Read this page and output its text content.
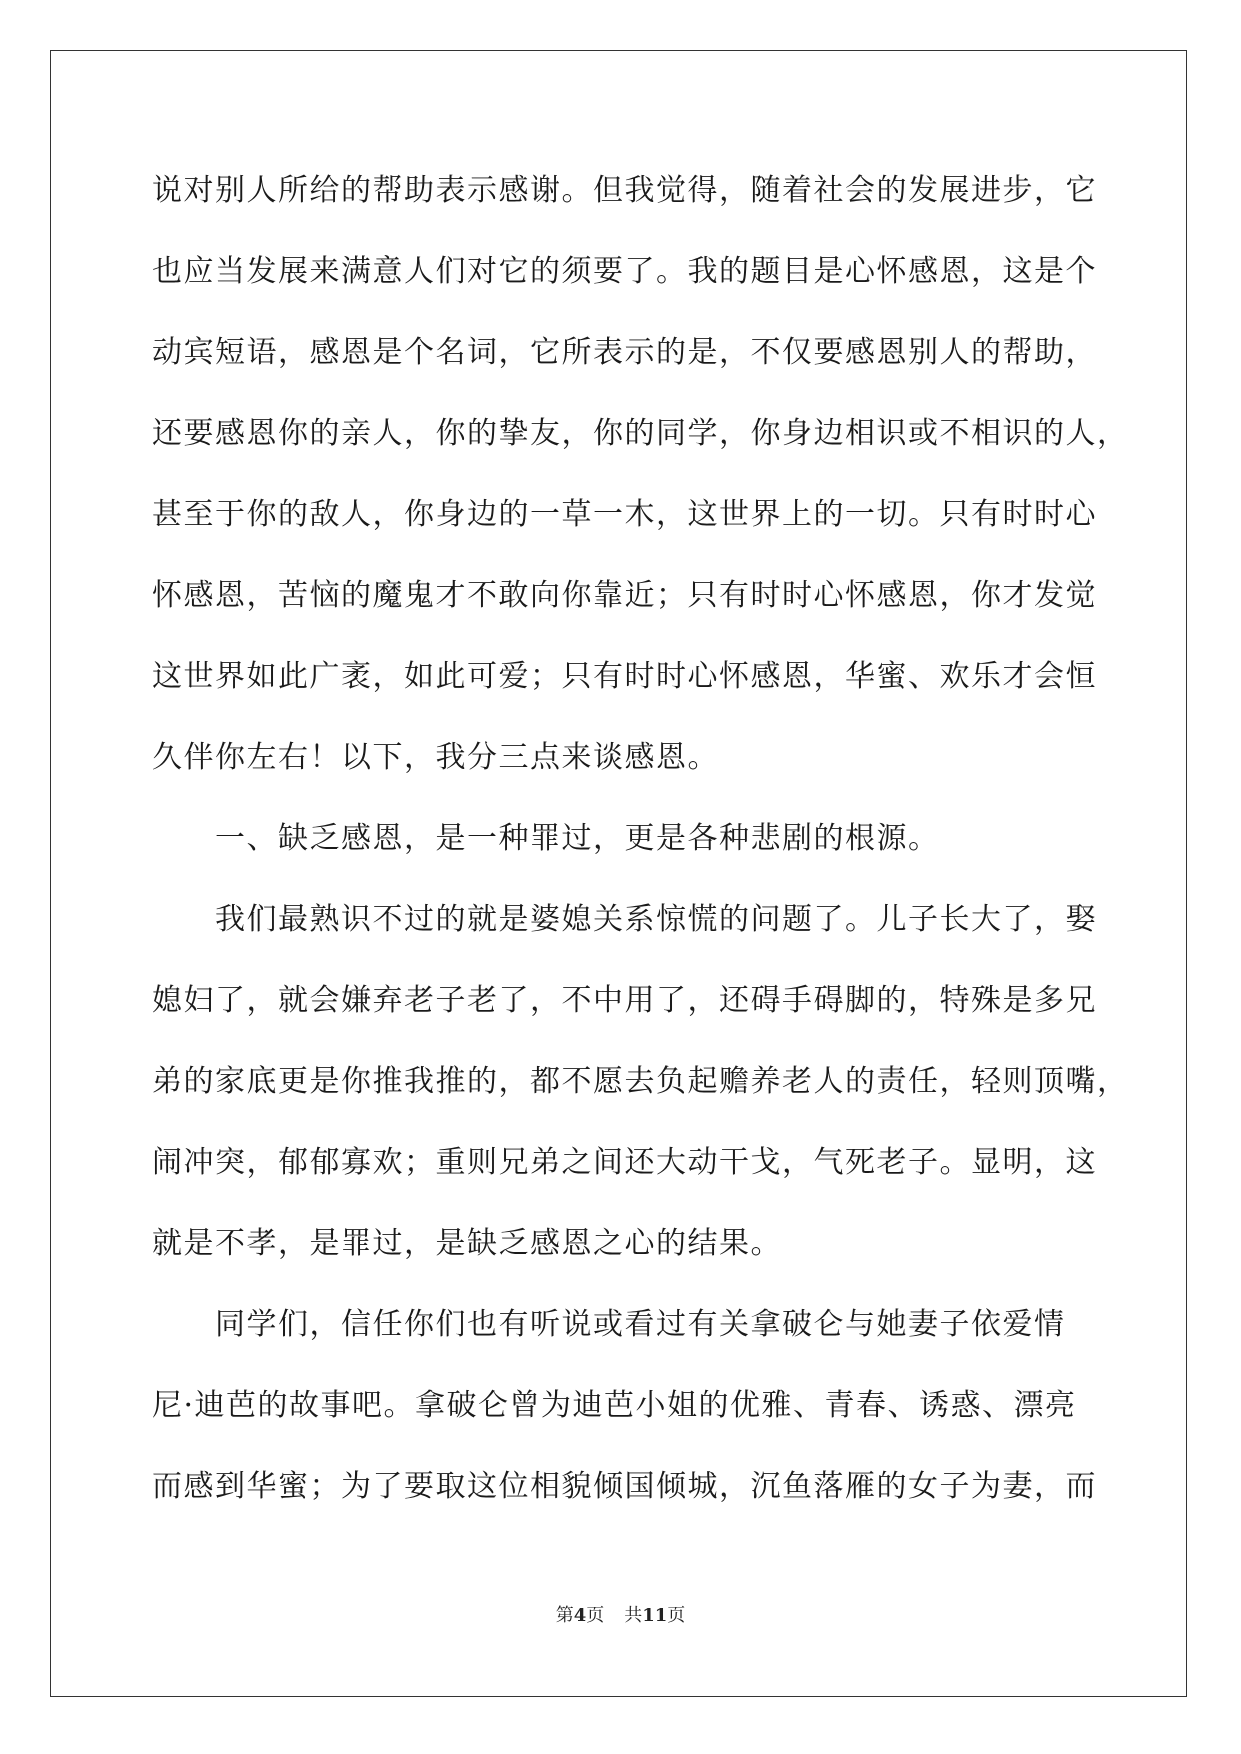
说对别人所给的帮助表示感谢。但我觉得，随着社会的发展进步，它
也应当发展来满意人们对它的须要了。我的题目是心怀感恩，这是个
动宾短语，感恩是个名词，它所表示的是，不仅要感恩别人的帮助，
还要感恩你的亲人，你的挚友，你的同学，你身边相识或不相识的人，
甚至于你的敌人，你身边的一草一木，这世界上的一切。只有时时心
怀感恩，苦恼的魔鬼才不敢向你靠近；只有时时心怀感恩，你才发觉
这世界如此广袤，如此可爱；只有时时心怀感恩，华蜜、欢乐才会恒
久伴你左右！以下，我分三点来谈感恩。
　　一、缺乏感恩，是一种罪过，更是各种悲剧的根源。
　　我们最熟识不过的就是婆媳关系惊慌的问题了。儿子长大了，娶
媳妇了，就会嫌弃老子老了，不中用了，还碍手碍脚的，特殊是多兄
弟的家底更是你推我推的，都不愿去负起赡养老人的责任，轻则顶嘴，
闹冲突，郁郁寡欢；重则兄弟之间还大动干戈，气死老子。显明，这
就是不孝，是罪过，是缺乏感恩之心的结果。
　　同学们，信任你们也有听说或看过有关拿破仑与她妻子依爱情
尼·迪芭的故事吧。拿破仑曾为迪芭小姐的优雅、青春、诱惑、漂亮
而感到华蜜；为了要取这位相貌倾国倾城，沉鱼落雁的女子为妻，而
第4页 共11页
